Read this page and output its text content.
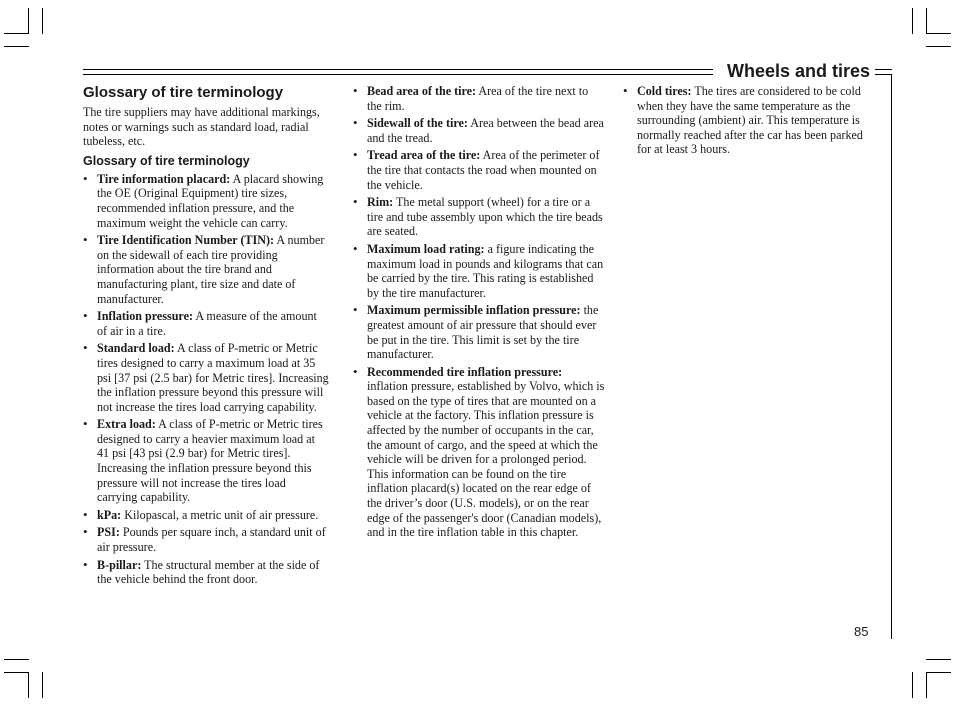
Wheels and tires
Glossary of tire terminology

The tire suppliers may have additional markings, notes or warnings such as standard load, radial tubeless, etc.

Glossary of tire terminology
• Tire information placard: A placard showing the OE (Original Equipment) tire sizes, recommended inflation pressure, and the maximum weight the vehicle can carry.
• Tire Identification Number (TIN): A number on the sidewall of each tire providing information about the tire brand and manufacturing plant, tire size and date of manufacturer.
• Inflation pressure: A measure of the amount of air in a tire.
• Standard load: A class of P-metric or Metric tires designed to carry a maximum load at 35 psi [37 psi (2.5 bar) for Metric tires]. Increasing the inflation pressure beyond this pressure will not increase the tires load carrying capability.
• Extra load: A class of P-metric or Metric tires designed to carry a heavier maximum load at 41 psi [43 psi (2.9 bar) for Metric tires]. Increasing the inflation pressure beyond this pressure will not increase the tires load carrying capability.
• kPa: Kilopascal, a metric unit of air pressure.
• PSI: Pounds per square inch, a standard unit of air pressure.
• B-pillar: The structural member at the side of the vehicle behind the front door.
• Bead area of the tire: Area of the tire next to the rim.
• Sidewall of the tire: Area between the bead area and the tread.
• Tread area of the tire: Area of the perimeter of the tire that contacts the road when mounted on the vehicle.
• Rim: The metal support (wheel) for a tire or a tire and tube assembly upon which the tire beads are seated.
• Maximum load rating: a figure indicating the maximum load in pounds and kilograms that can be carried by the tire. This rating is established by the tire manufacturer.
• Maximum permissible inflation pressure: the greatest amount of air pressure that should ever be put in the tire. This limit is set by the tire manufacturer.
• Recommended tire inflation pressure: inflation pressure, established by Volvo, which is based on the type of tires that are mounted on a vehicle at the factory. This inflation pressure is affected by the number of occupants in the car, the amount of cargo, and the speed at which the vehicle will be driven for a prolonged period. This information can be found on the tire inflation placard(s) located on the rear edge of the driver’s door (U.S. models), or on the rear edge of the passenger's door (Canadian models), and in the tire inflation table in this chapter.
• Cold tires: The tires are considered to be cold when they have the same temperature as the surrounding (ambient) air. This temperature is normally reached after the car has been parked for at least 3 hours.
85
